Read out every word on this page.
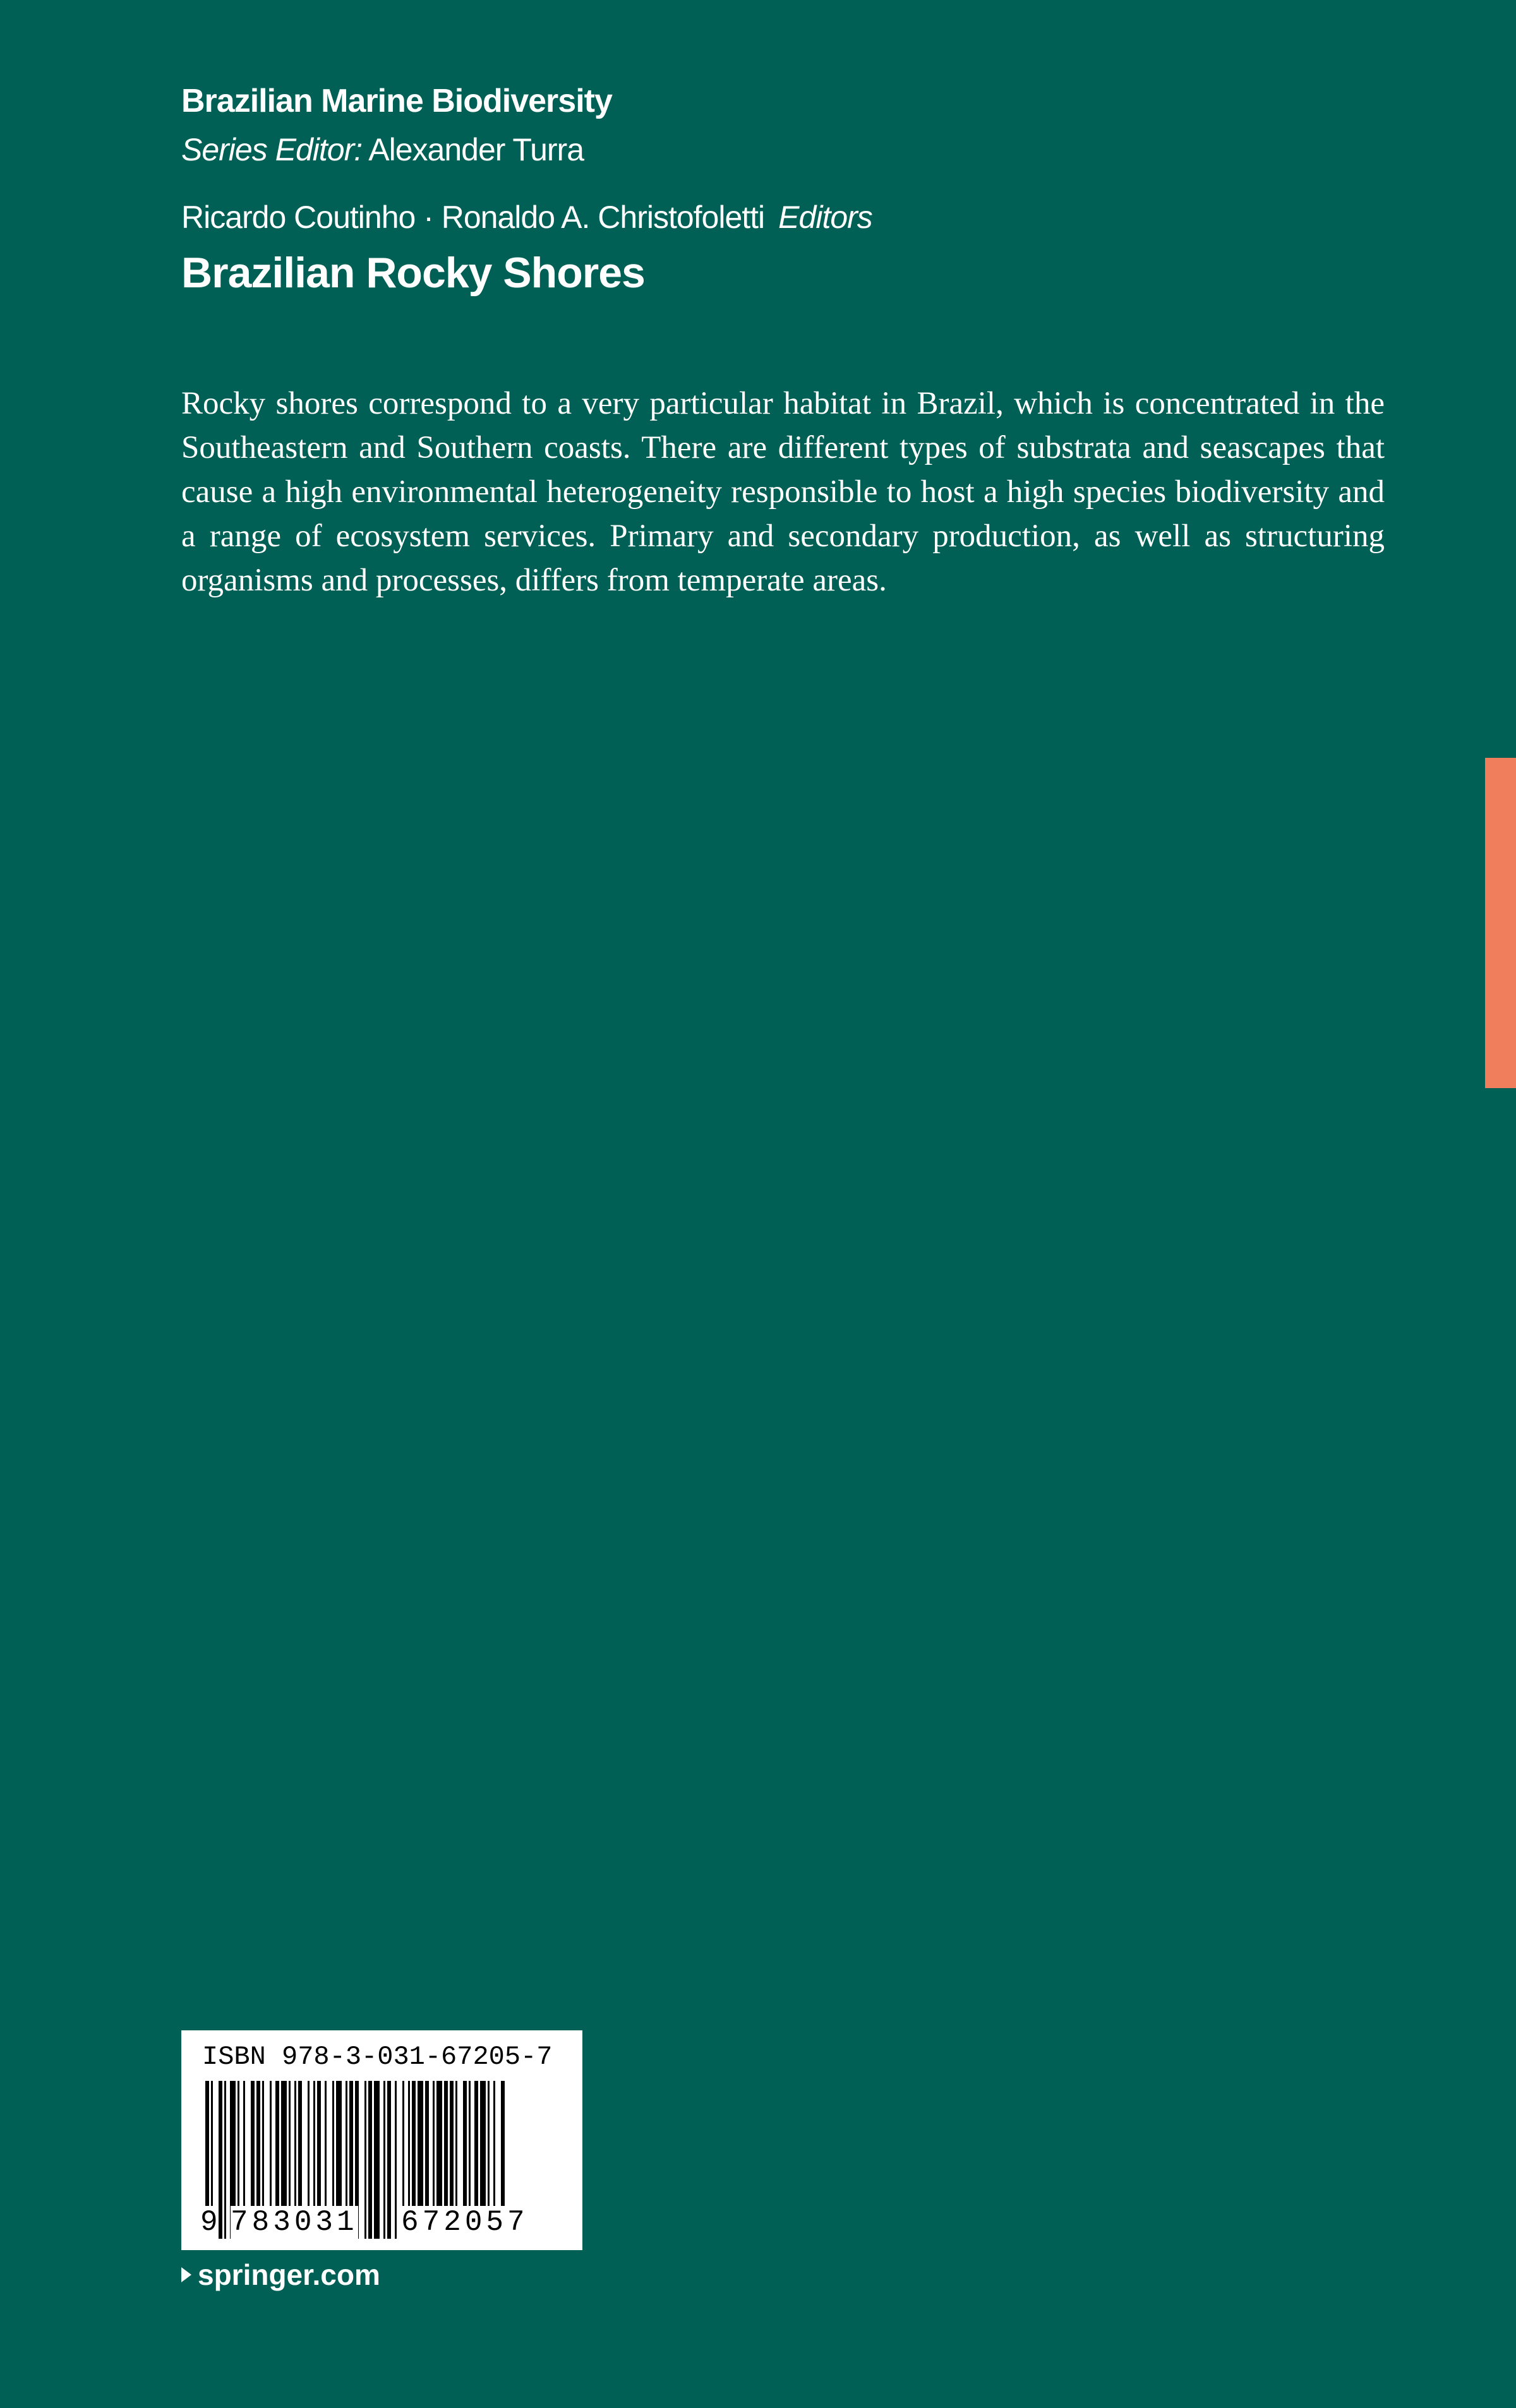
Brazilian Marine Biodiversity
Series Editor: Alexander Turra
Ricardo Coutinho · Ronaldo A. Christofoletti Editors
Brazilian Rocky Shores

Rocky shores correspond to a very particular habitat in Brazil, which is concentrated in the Southeastern and Southern coasts. There are different types of substrata and seascapes that cause a high environmental heterogeneity responsible to host a high species biodiversity and a range of ecosystem services. Primary and secondary production, as well as structuring organisms and processes, differs from temperate areas.

ISBN 978-3-031-67205-7
9 783031 672057
springer.com
